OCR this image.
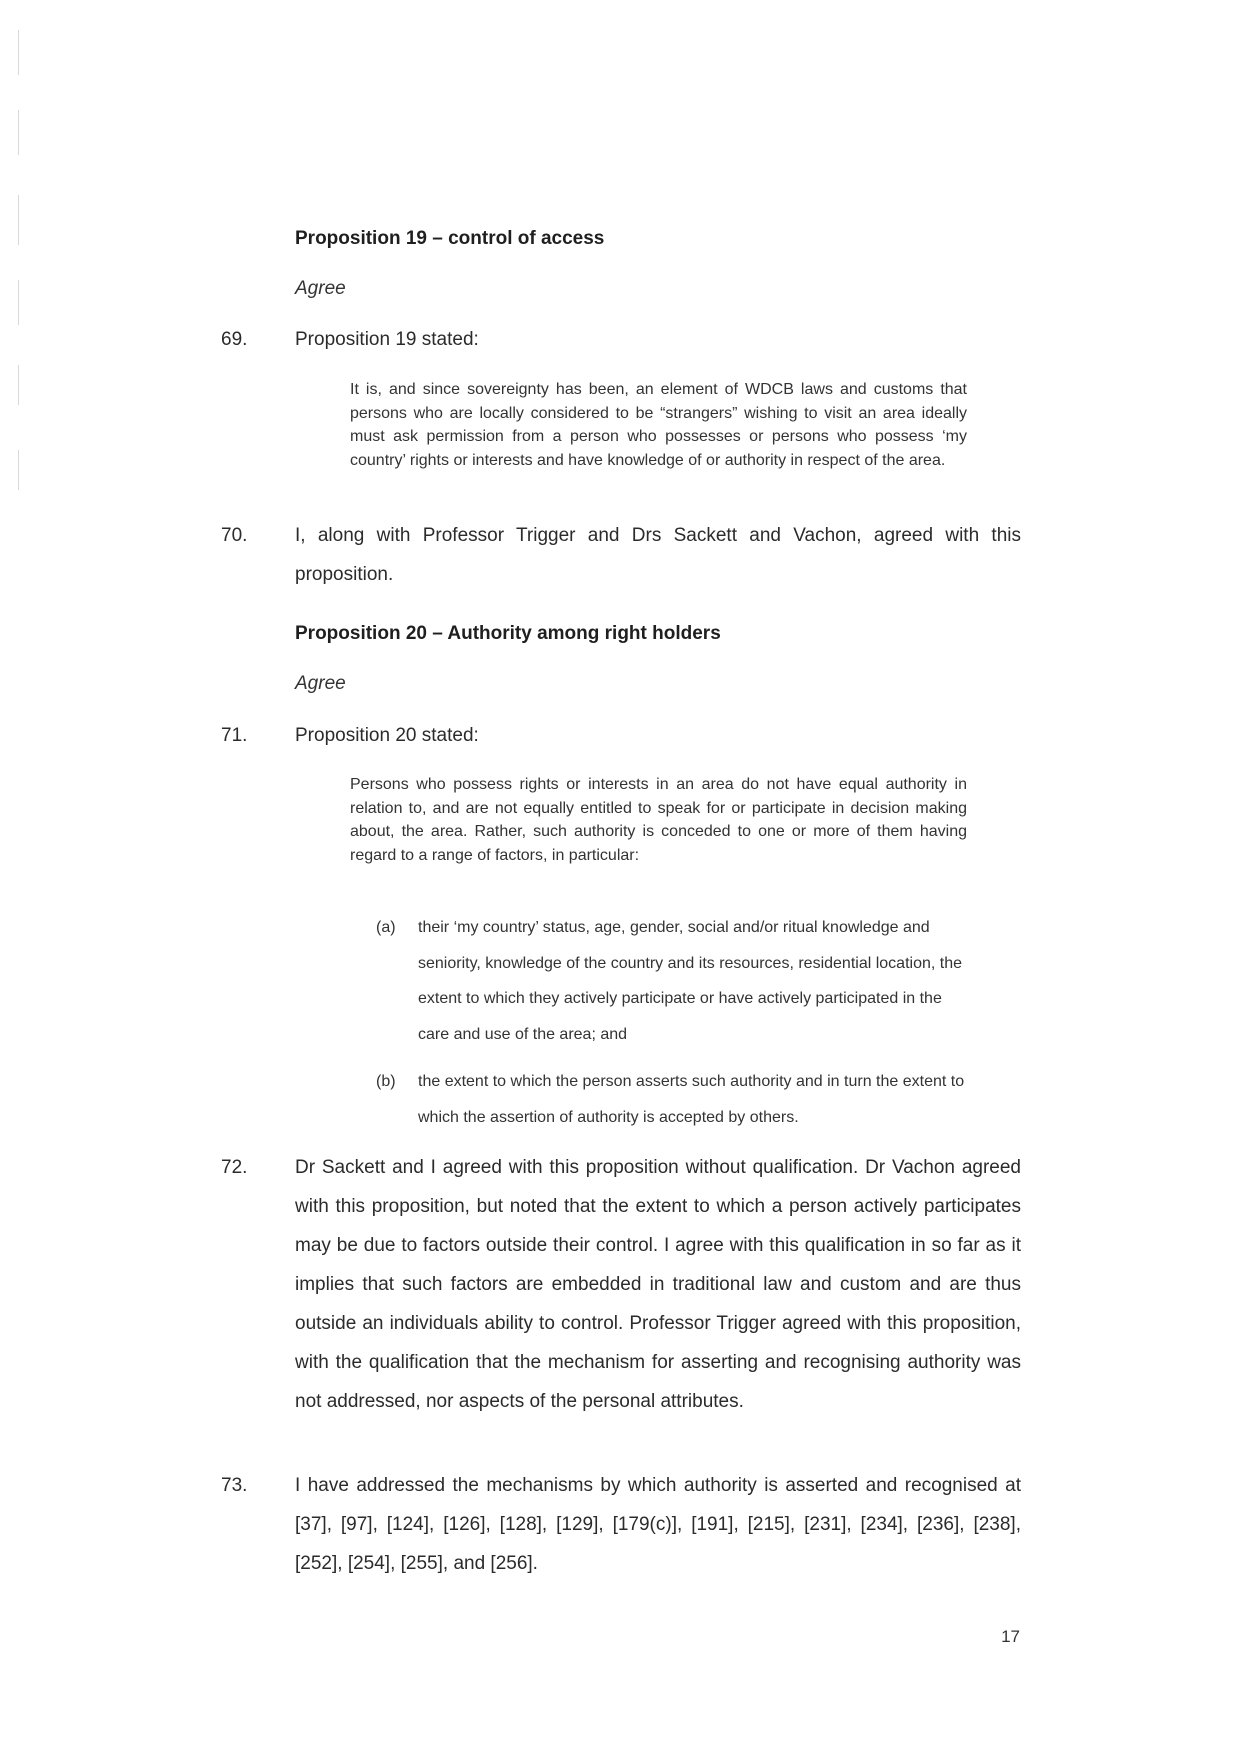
Proposition 19 – control of access
Agree
69.	Proposition 19 stated:
It is, and since sovereignty has been, an element of WDCB laws and customs that persons who are locally considered to be “strangers” wishing to visit an area ideally must ask permission from a person who possesses or persons who possess ‘my country’ rights or interests and have knowledge of or authority in respect of the area.
70.	I, along with Professor Trigger and Drs Sackett and Vachon, agreed with this proposition.
Proposition 20 – Authority among right holders
Agree
71.	Proposition 20 stated:
Persons who possess rights or interests in an area do not have equal authority in relation to, and are not equally entitled to speak for or participate in decision making about, the area. Rather, such authority is conceded to one or more of them having regard to a range of factors, in particular:
(a) their ‘my country’ status, age, gender, social and/or ritual knowledge and seniority, knowledge of the country and its resources, residential location, the extent to which they actively participate or have actively participated in the care and use of the area; and
(b) the extent to which the person asserts such authority and in turn the extent to which the assertion of authority is accepted by others.
72.	Dr Sackett and I agreed with this proposition without qualification. Dr Vachon agreed with this proposition, but noted that the extent to which a person actively participates may be due to factors outside their control. I agree with this qualification in so far as it implies that such factors are embedded in traditional law and custom and are thus outside an individuals ability to control. Professor Trigger agreed with this proposition, with the qualification that the mechanism for asserting and recognising authority was not addressed, nor aspects of the personal attributes.
73.	I have addressed the mechanisms by which authority is asserted and recognised at [37], [97], [124], [126], [128], [129], [179(c)], [191], [215], [231], [234], [236], [238], [252], [254], [255], and [256].
17
